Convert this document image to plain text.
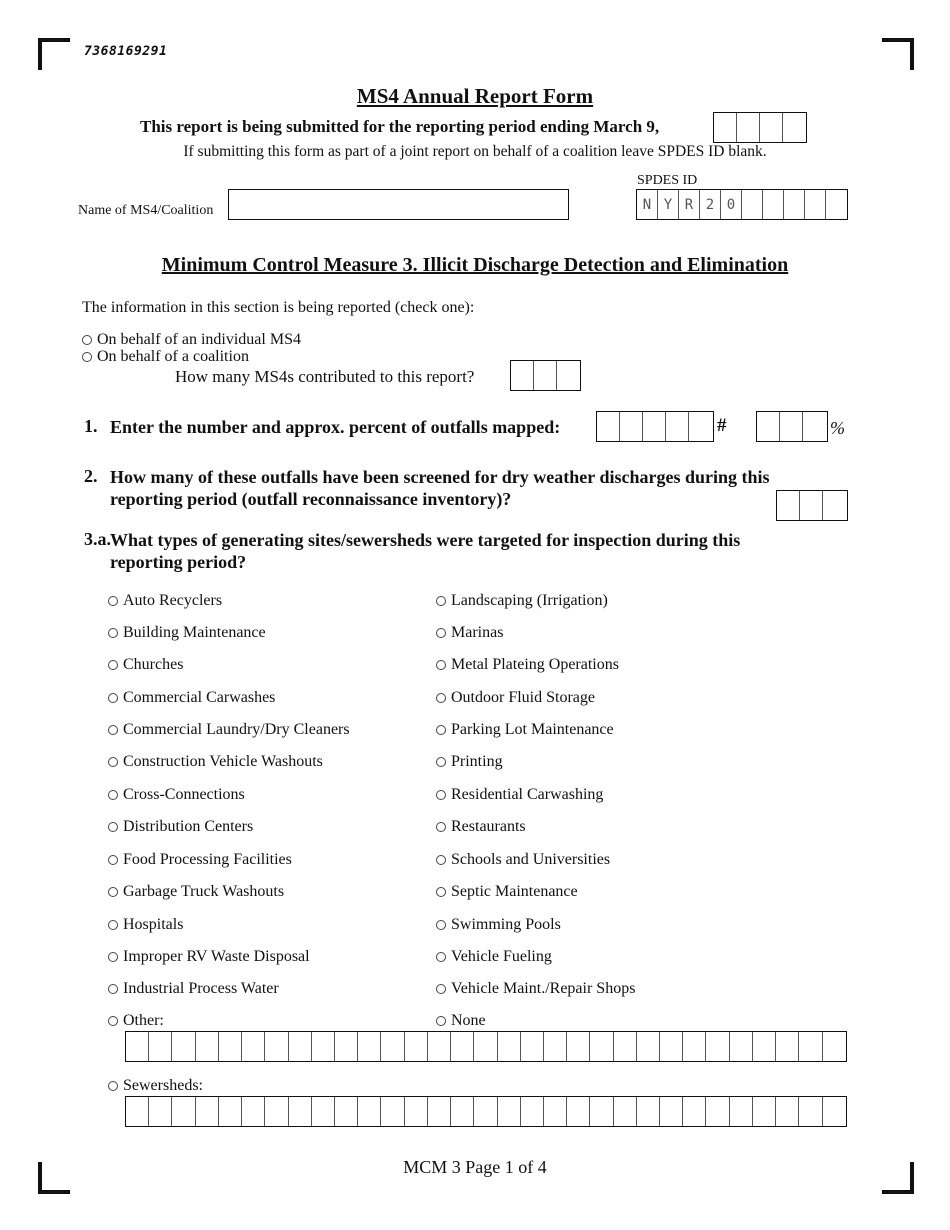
7368169291
MS4 Annual Report Form
This report is being submitted for the reporting period ending March 9,
If submitting this form as part of a joint report on behalf of a coalition leave SPDES ID blank.
SPDES ID
N Y R 2 0
Name of MS4/Coalition
Minimum Control Measure 3. Illicit Discharge Detection and Elimination
The information in this section is being reported (check one):
On behalf of an individual MS4
On behalf of a coalition
How many MS4s contributed to this report?
1. Enter the number and approx. percent of outfalls mapped:	#	%
2. How many of these outfalls have been screened for dry weather discharges during this reporting period (outfall reconnaissance inventory)?
3.a. What types of generating sites/sewersheds were targeted for inspection during this reporting period?
Auto Recyclers
Building Maintenance
Churches
Commercial Carwashes
Commercial Laundry/Dry Cleaners
Construction Vehicle Washouts
Cross-Connections
Distribution Centers
Food Processing Facilities
Garbage Truck Washouts
Hospitals
Improper RV Waste Disposal
Industrial Process Water
Other:
Landscaping (Irrigation)
Marinas
Metal Plateing Operations
Outdoor Fluid Storage
Parking Lot Maintenance
Printing
Residential Carwashing
Restaurants
Schools and Universities
Septic Maintenance
Swimming Pools
Vehicle Fueling
Vehicle Maint./Repair Shops
None
Sewersheds:
MCM 3 Page 1 of 4
